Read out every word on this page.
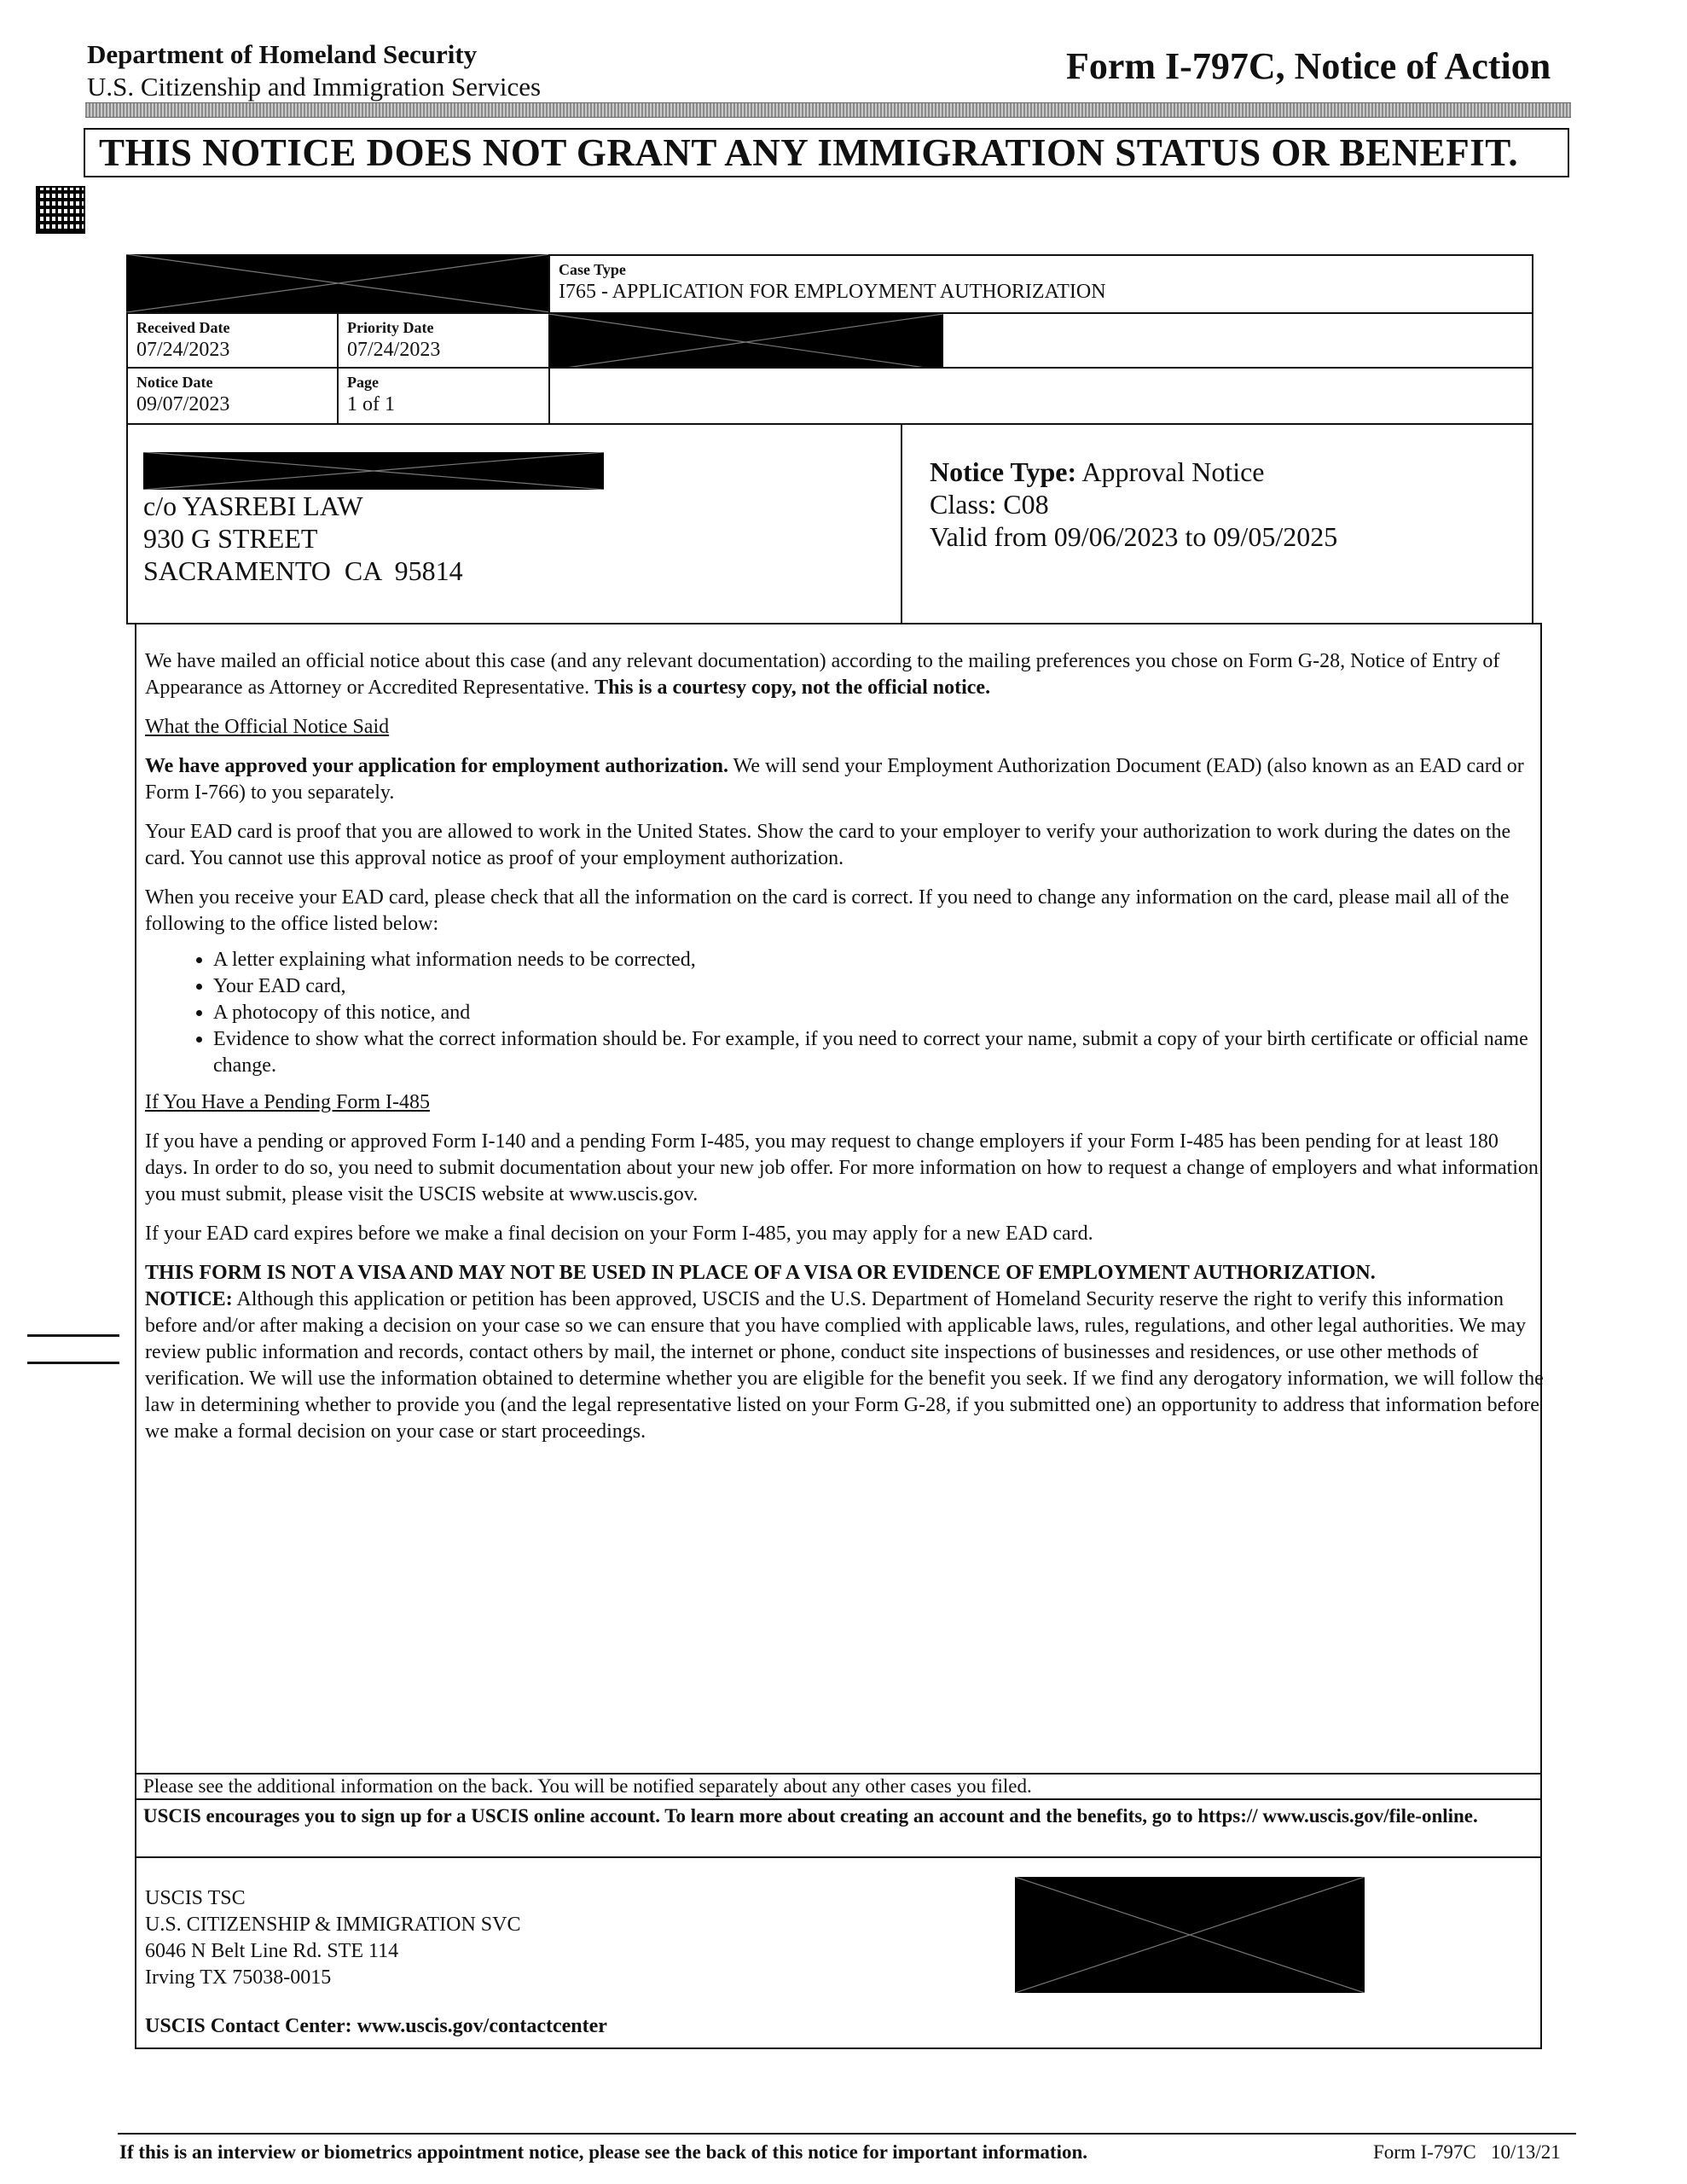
Department of Homeland Security
U.S. Citizenship and Immigration Services	Form I-797C, Notice of Action
THIS NOTICE DOES NOT GRANT ANY IMMIGRATION STATUS OR BENEFIT.
Case Type
I765 - APPLICATION FOR EMPLOYMENT AUTHORIZATION
Received Date
07/24/2023
Priority Date
07/24/2023
Notice Date
09/07/2023
Page
1 of 1
c/o YASREBI LAW
930 G STREET
SACRAMENTO  CA  95814
Notice Type: Approval Notice
Class: C08
Valid from 09/06/2023 to 09/05/2025

We have mailed an official notice about this case (and any relevant documentation) according to the mailing preferences you chose on Form G-28, Notice of Entry of Appearance as Attorney or Accredited Representative. This is a courtesy copy, not the official notice.

What the Official Notice Said

We have approved your application for employment authorization. We will send your Employment Authorization Document (EAD) (also known as an EAD card or Form I-766) to you separately.

Your EAD card is proof that you are allowed to work in the United States. Show the card to your employer to verify your authorization to work during the dates on the card. You cannot use this approval notice as proof of your employment authorization.

When you receive your EAD card, please check that all the information on the card is correct. If you need to change any information on the card, please mail all of the following to the office listed below:

• A letter explaining what information needs to be corrected,
• Your EAD card,
• A photocopy of this notice, and
• Evidence to show what the correct information should be. For example, if you need to correct your name, submit a copy of your birth certificate or official name change.

If You Have a Pending Form I-485

If you have a pending or approved Form I-140 and a pending Form I-485, you may request to change employers if your Form I-485 has been pending for at least 180 days. In order to do so, you need to submit documentation about your new job offer. For more information on how to request a change of employers and what information you must submit, please visit the USCIS website at www.uscis.gov.

If your EAD card expires before we make a final decision on your Form I-485, you may apply for a new EAD card.

THIS FORM IS NOT A VISA AND MAY NOT BE USED IN PLACE OF A VISA OR EVIDENCE OF EMPLOYMENT AUTHORIZATION.

NOTICE: Although this application or petition has been approved, USCIS and the U.S. Department of Homeland Security reserve the right to verify this information before and/or after making a decision on your case so we can ensure that you have complied with applicable laws, rules, regulations, and other legal authorities. We may review public information and records, contact others by mail, the internet or phone, conduct site inspections of businesses and residences, or use other methods of verification. We will use the information obtained to determine whether you are eligible for the benefit you seek. If we find any derogatory information, we will follow the law in determining whether to provide you (and the legal representative listed on your Form G-28, if you submitted one) an opportunity to address that information before we make a formal decision on your case or start proceedings.

Please see the additional information on the back. You will be notified separately about any other cases you filed.
USCIS encourages you to sign up for a USCIS online account. To learn more about creating an account and the benefits, go to https:// www.uscis.gov/file-online.
USCIS TSC
U.S. CITIZENSHIP & IMMIGRATION SVC
6046 N Belt Line Rd. STE 114
Irving TX 75038-0015
USCIS Contact Center: www.uscis.gov/contactcenter
If this is an interview or biometrics appointment notice, please see the back of this notice for important information.	Form I-797C   10/13/21
